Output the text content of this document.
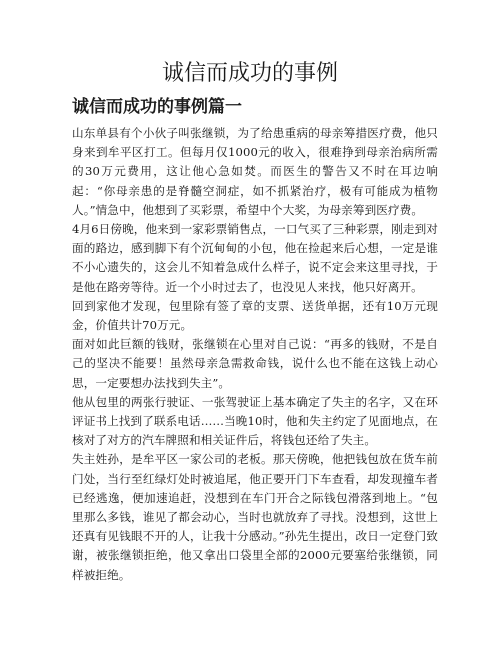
诚信而成功的事例
诚信而成功的事例篇一

山东单县有个小伙子叫张继锁，为了给患重病的母亲筹措医疗费，他只身来到牟平区打工。但每月仅1000元的收入，很难挣到母亲治病所需的30万元费用，这让他心急如焚。而医生的警告又不时在耳边响起：“你母亲患的是脊髓空洞症，如不抓紧治疗，极有可能成为植物人。”情急中，他想到了买彩票，希望中个大奖，为母亲筹到医疗费。

4月6日傍晚，他来到一家彩票销售点，一口气买了三种彩票，刚走到对面的路边，感到脚下有个沉甸甸的小包，他在捡起来后心想，一定是谁不小心遗失的，这会儿不知着急成什么样子，说不定会来这里寻找，于是他在路旁等待。近一个小时过去了，也没见人来找，他只好离开。

回到家他才发现，包里除有签了章的支票、送货单据，还有10万元现金，价值共计70万元。

面对如此巨额的钱财，张继锁在心里对自己说：“再多的钱财，不是自己的坚决不能要！虽然母亲急需救命钱，说什么也不能在这钱上动心思，一定要想办法找到失主”。

他从包里的两张行驶证、一张驾驶证上基本确定了失主的名字，又在环评证书上找到了联系电话……当晚10时，他和失主约定了见面地点，在核对了对方的汽车牌照和相关证件后，将钱包还给了失主。

失主姓孙，是牟平区一家公司的老板。那天傍晚，他把钱包放在货车前门处，当行至红绿灯处时被追尾，他正要开门下车查看，却发现撞车者已经逃逸，便加速追赶，没想到在车门开合之际钱包滑落到地上。“包里那么多钱，谁见了都会动心，当时也就放弃了寻找。没想到，这世上还真有见钱眼不开的人，让我十分感动。”孙先生提出，改日一定登门致谢，被张继锁拒绝，他又拿出口袋里全部的2000元要塞给张继锁，同样被拒绝。
